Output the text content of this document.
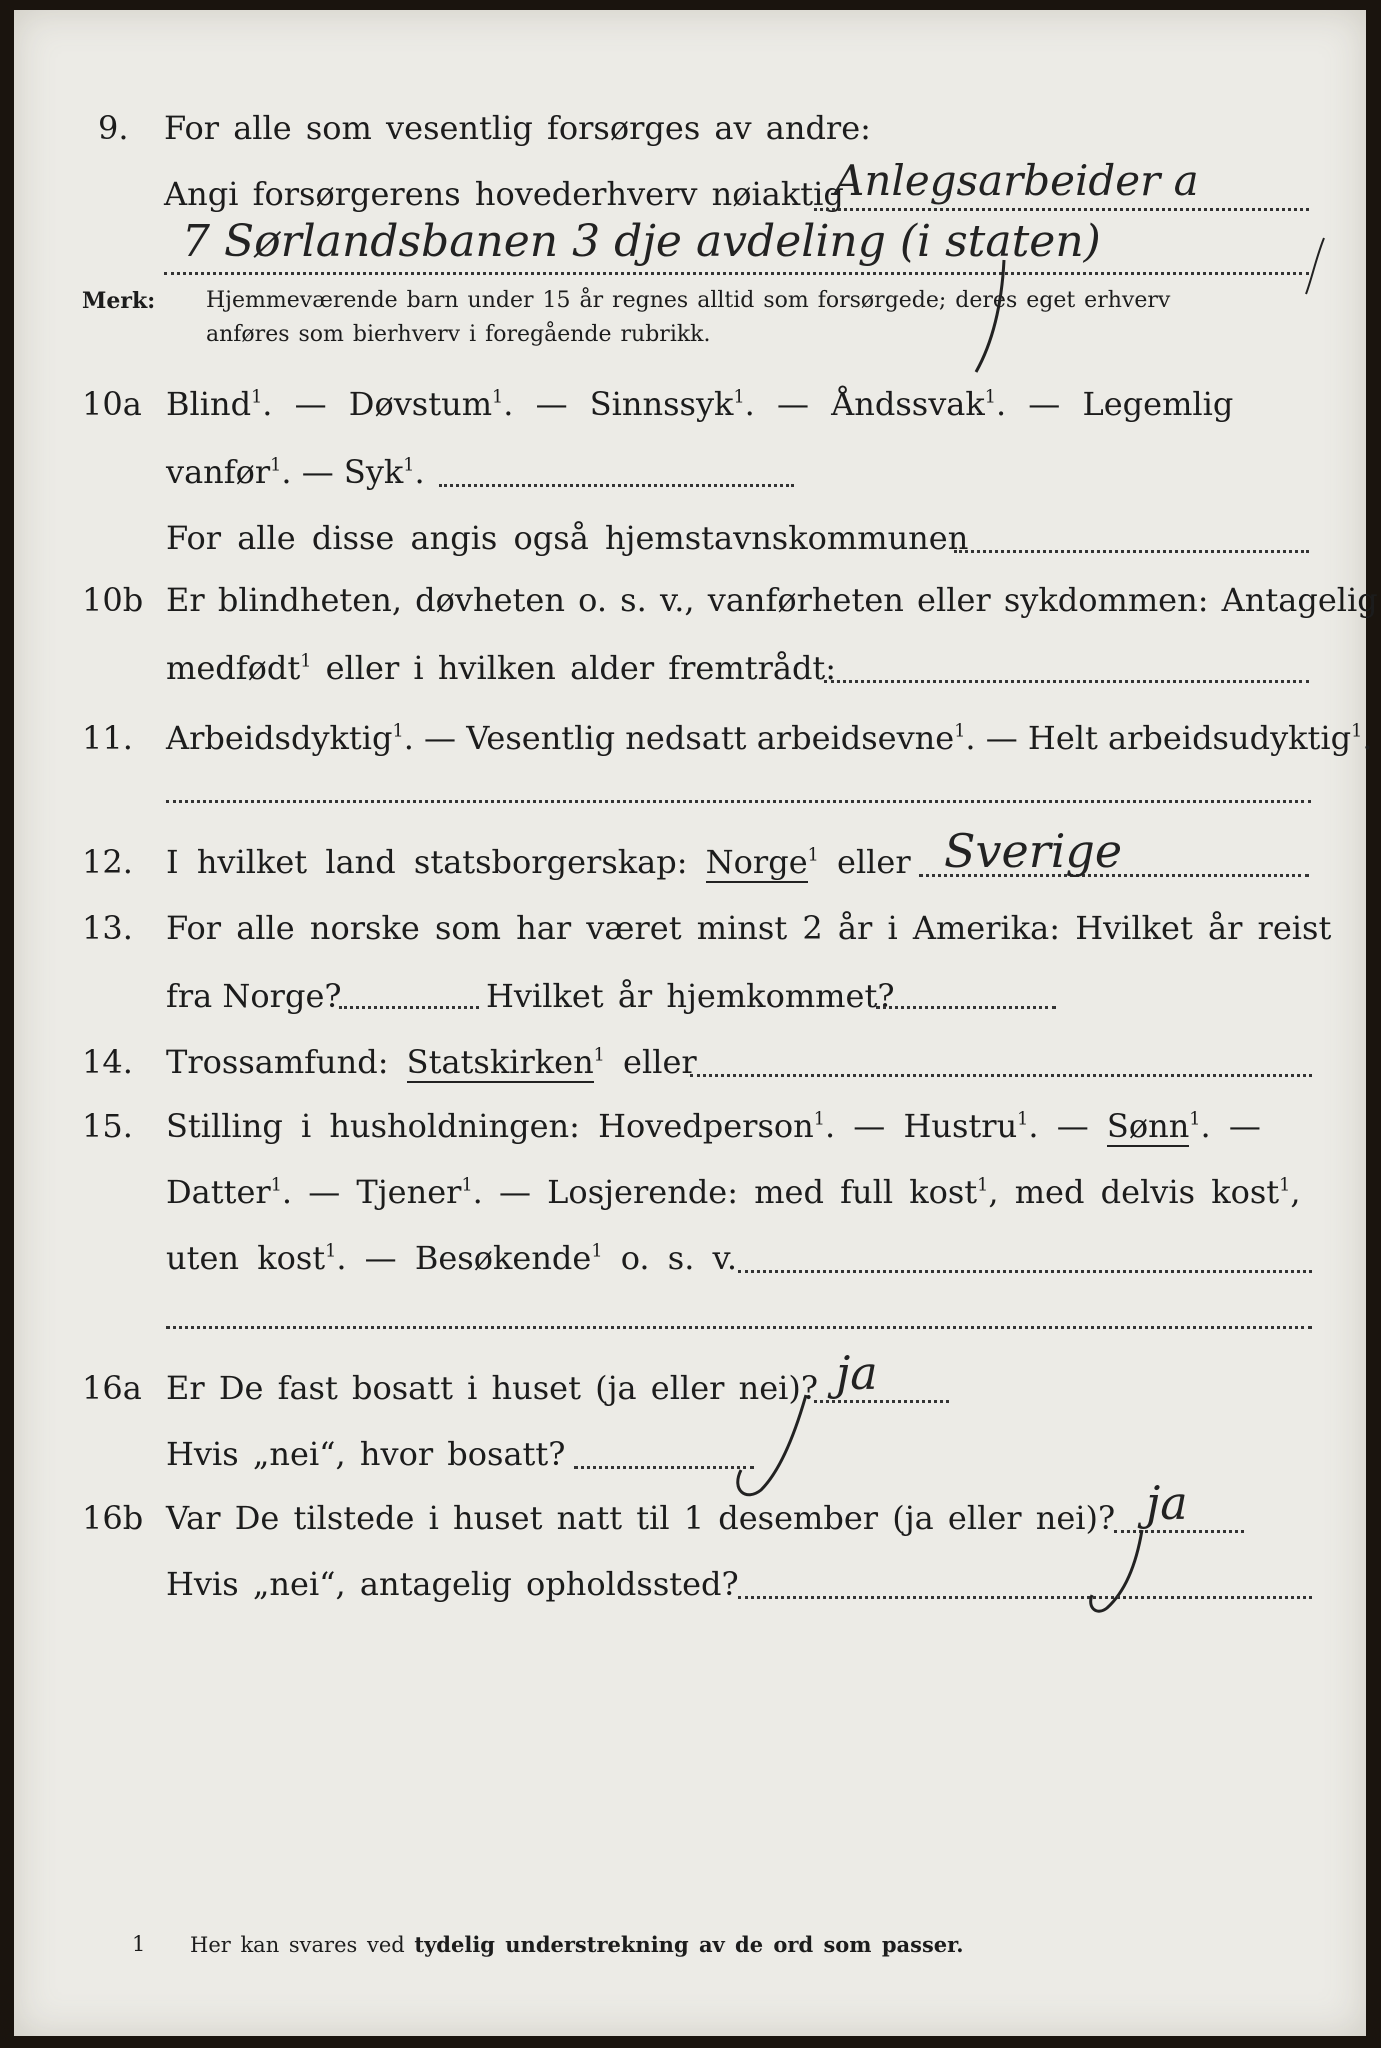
9. For alle som vesentlig forsørges av andre:
Angi forsørgerens hovederhverv nøiaktig
Anlegsarbeider a
7 Sørlandsbanen 3 dje avdeling (i staten)
Merk: Hjemmeværende barn under 15 år regnes alltid som forsørgede; deres eget erhverv
anføres som bierhverv i foregående rubrikk.
10a Blind$^1$. — Døvstum$^1$. — Sinnssyk$^1$. — Åndssvak$^1$. — Legemlig
vanfør$^1$. — Syk$^1$.
For alle disse angis også hjemstavnskommunen
10b Er blindheten, døvheten o. s. v., vanførheten eller sykdommen: Antagelig
medfødt$^1$ eller i hvilken alder fremtrådt:
11. Arbeidsdyktig$^1$. — Vesentlig nedsatt arbeidsevne$^1$. — Helt arbeidsudyktig$^1$.
12. I hvilket land statsborgerskap: Norge$^1$ eller Sverige
13. For alle norske som har været minst 2 år i Amerika: Hvilket år reist
fra Norge?	Hvilket år hjemkommet?
14. Trossamfund: Statskirken$^1$ eller
15. Stilling i husholdningen: Hovedperson$^1$. — Hustru$^1$. — Sønn$^1$. —
Datter$^1$. — Tjener$^1$. — Losjerende: med full kost$^1$, med delvis kost$^1$,
uten kost$^1$. — Besøkende$^1$ o. s. v.
16a Er De fast bosatt i huset (ja eller nei)? ja
Hvis „nei“, hvor bosatt?
16b Var De tilstede i huset natt til 1 desember (ja eller nei)? ja
Hvis „nei“, antagelig opholdssted?
1 Her kan svares ved tydelig understrekning av de ord som passer.
